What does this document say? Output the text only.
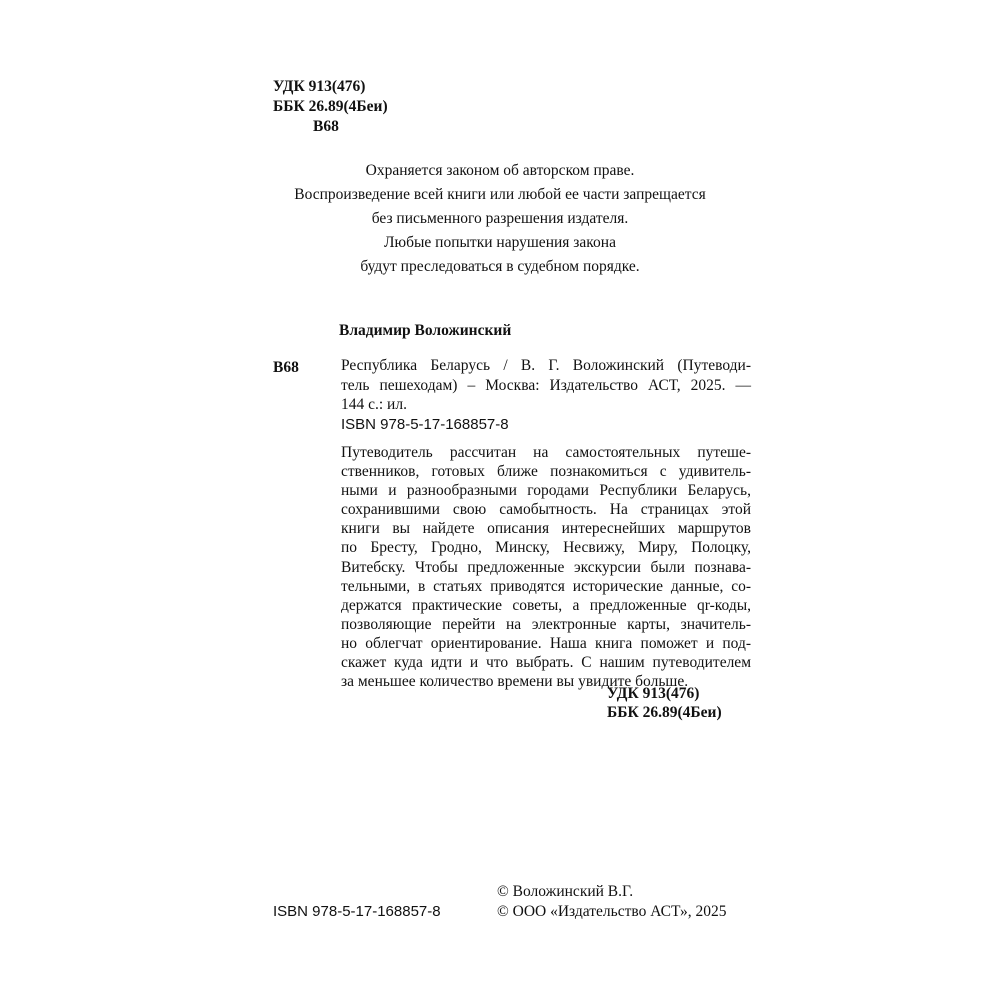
УДК 913(476)
ББК 26.89(4Беи)
В68
Охраняется законом об авторском праве.
Воспроизведение всей книги или любой ее части запрещается
без письменного разрешения издателя.
Любые попытки нарушения закона
будут преследоваться в судебном порядке.
Владимир Воложинский
В68	Республика Беларусь / В. Г. Воложинский (Путеводи-
тель пешеходам) – Москва: Издательство АСТ, 2025. —
144 с.: ил.
ISBN 978-5-17-168857-8
Путеводитель рассчитан на самостоятельных путеше-
ственников, готовых ближе познакомиться с удивитель-
ными и разнообразными городами Республики Беларусь,
сохранившими свою самобытность. На страницах этой
книги вы найдете описания интереснейших маршрутов
по Бресту, Гродно, Минску, Несвижу, Миру, Полоцку,
Витебску. Чтобы предложенные экскурсии были познава-
тельными, в статьях приводятся исторические данные, со-
держатся практические советы, а предложенные qr-коды,
позволяющие перейти на электронные карты, значитель-
но облегчат ориентирование. Наша книга поможет и под-
скажет куда идти и что выбрать. С нашим путеводителем
за меньшее количество времени вы увидите больше.
УДК 913(476)
ББК 26.89(4Беи)
© Воложинский В.Г.
ISBN 978-5-17-168857-8	© ООО «Издательство АСТ», 2025
